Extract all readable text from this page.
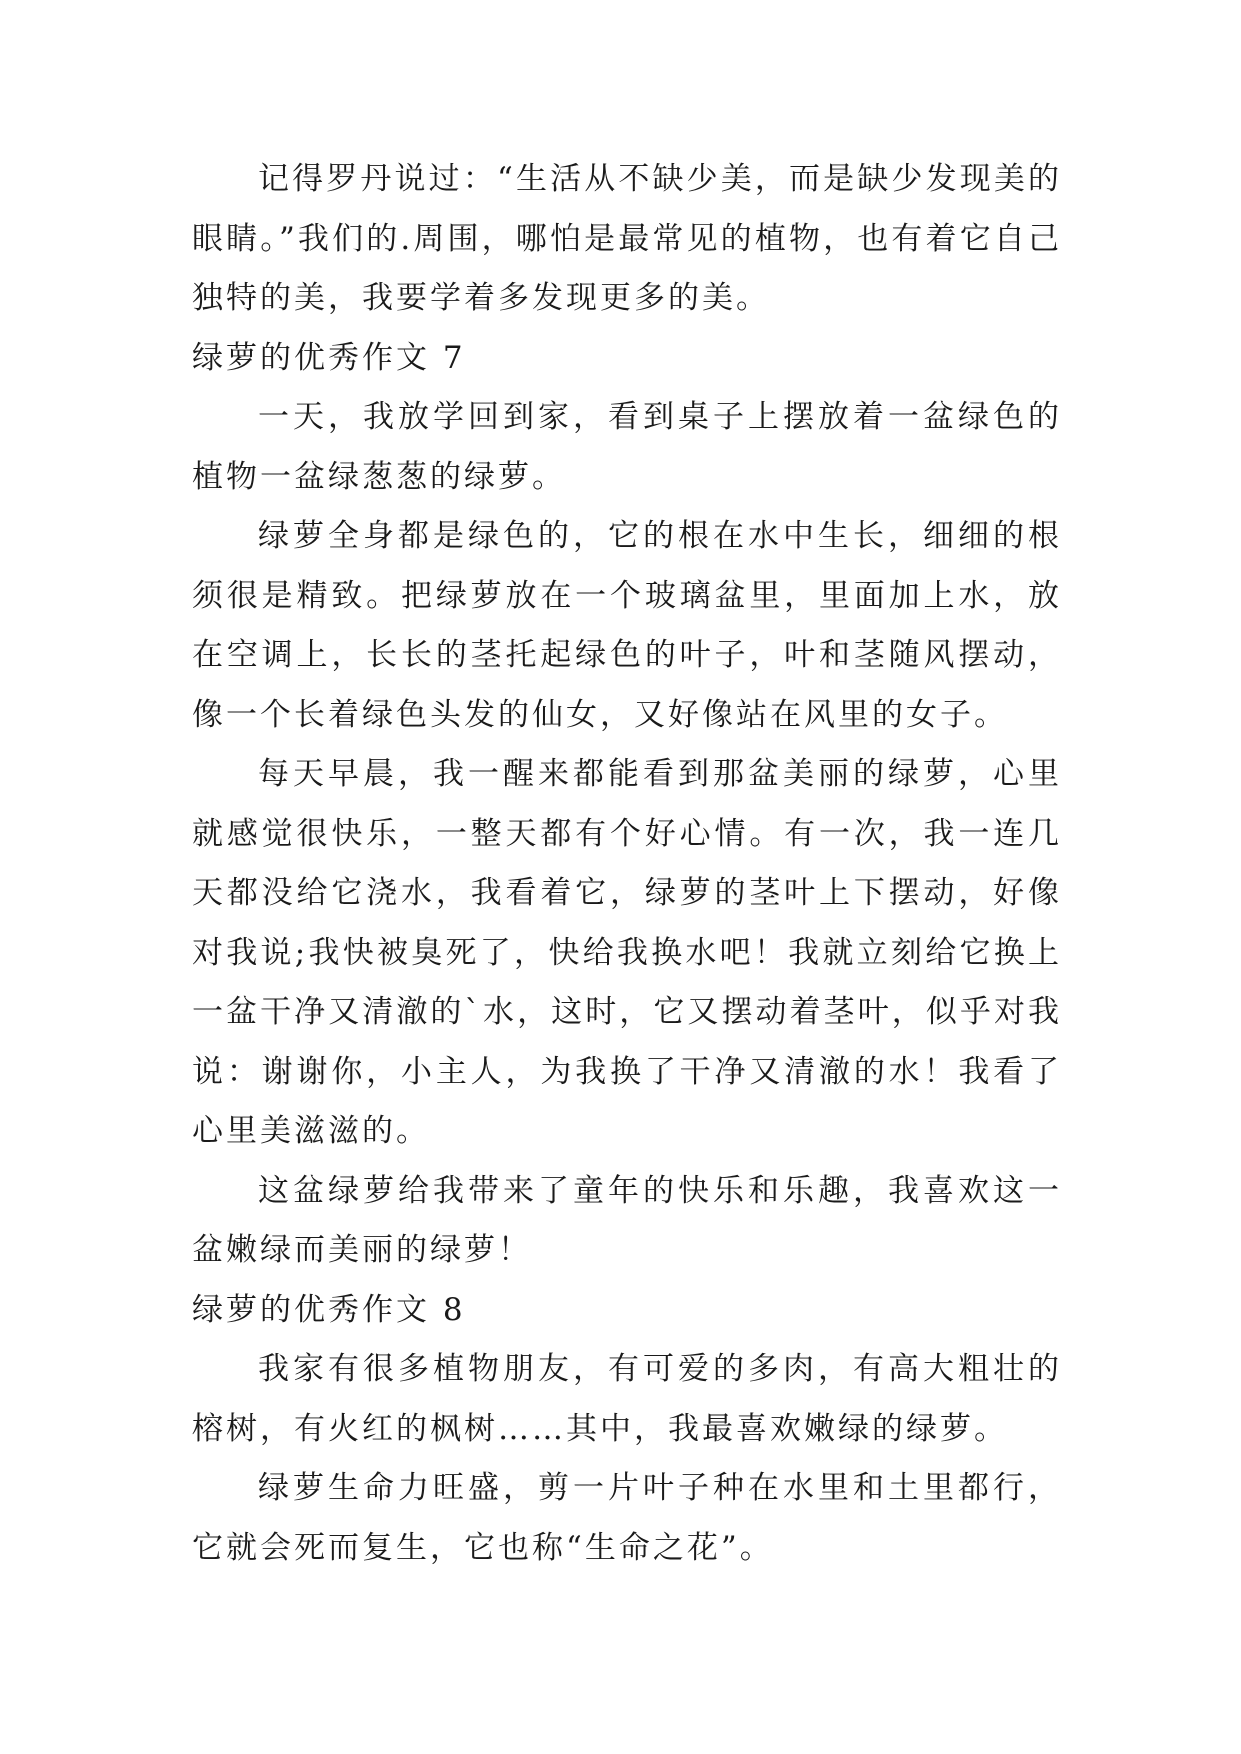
记得罗丹说过：“生活从不缺少美，而是缺少发现美的眼睛。”我们的.周围，哪怕是最常见的植物，也有着它自己独特的美，我要学着多发现更多的美。

绿萝的优秀作文 7

一天，我放学回到家，看到桌子上摆放着一盆绿色的植物一盆绿葱葱的绿萝。

绿萝全身都是绿色的，它的根在水中生长，细细的根须很是精致。把绿萝放在一个玻璃盆里，里面加上水，放在空调上，长长的茎托起绿色的叶子，叶和茎随风摆动，像一个长着绿色头发的仙女，又好像站在风里的女子。

每天早晨，我一醒来都能看到那盆美丽的绿萝，心里就感觉很快乐，一整天都有个好心情。有一次，我一连几天都没给它浇水，我看着它，绿萝的茎叶上下摆动，好像对我说;我快被臭死了，快给我换水吧！我就立刻给它换上一盆干净又清澈的`水，这时，它又摆动着茎叶，似乎对我说：谢谢你，小主人，为我换了干净又清澈的水！我看了心里美滋滋的。

这盆绿萝给我带来了童年的快乐和乐趣，我喜欢这一盆嫩绿而美丽的绿萝！

绿萝的优秀作文 8

我家有很多植物朋友，有可爱的多肉，有高大粗壮的榕树，有火红的枫树……其中，我最喜欢嫩绿的绿萝。

绿萝生命力旺盛，剪一片叶子种在水里和土里都行，它就会死而复生，它也称“生命之花”。
